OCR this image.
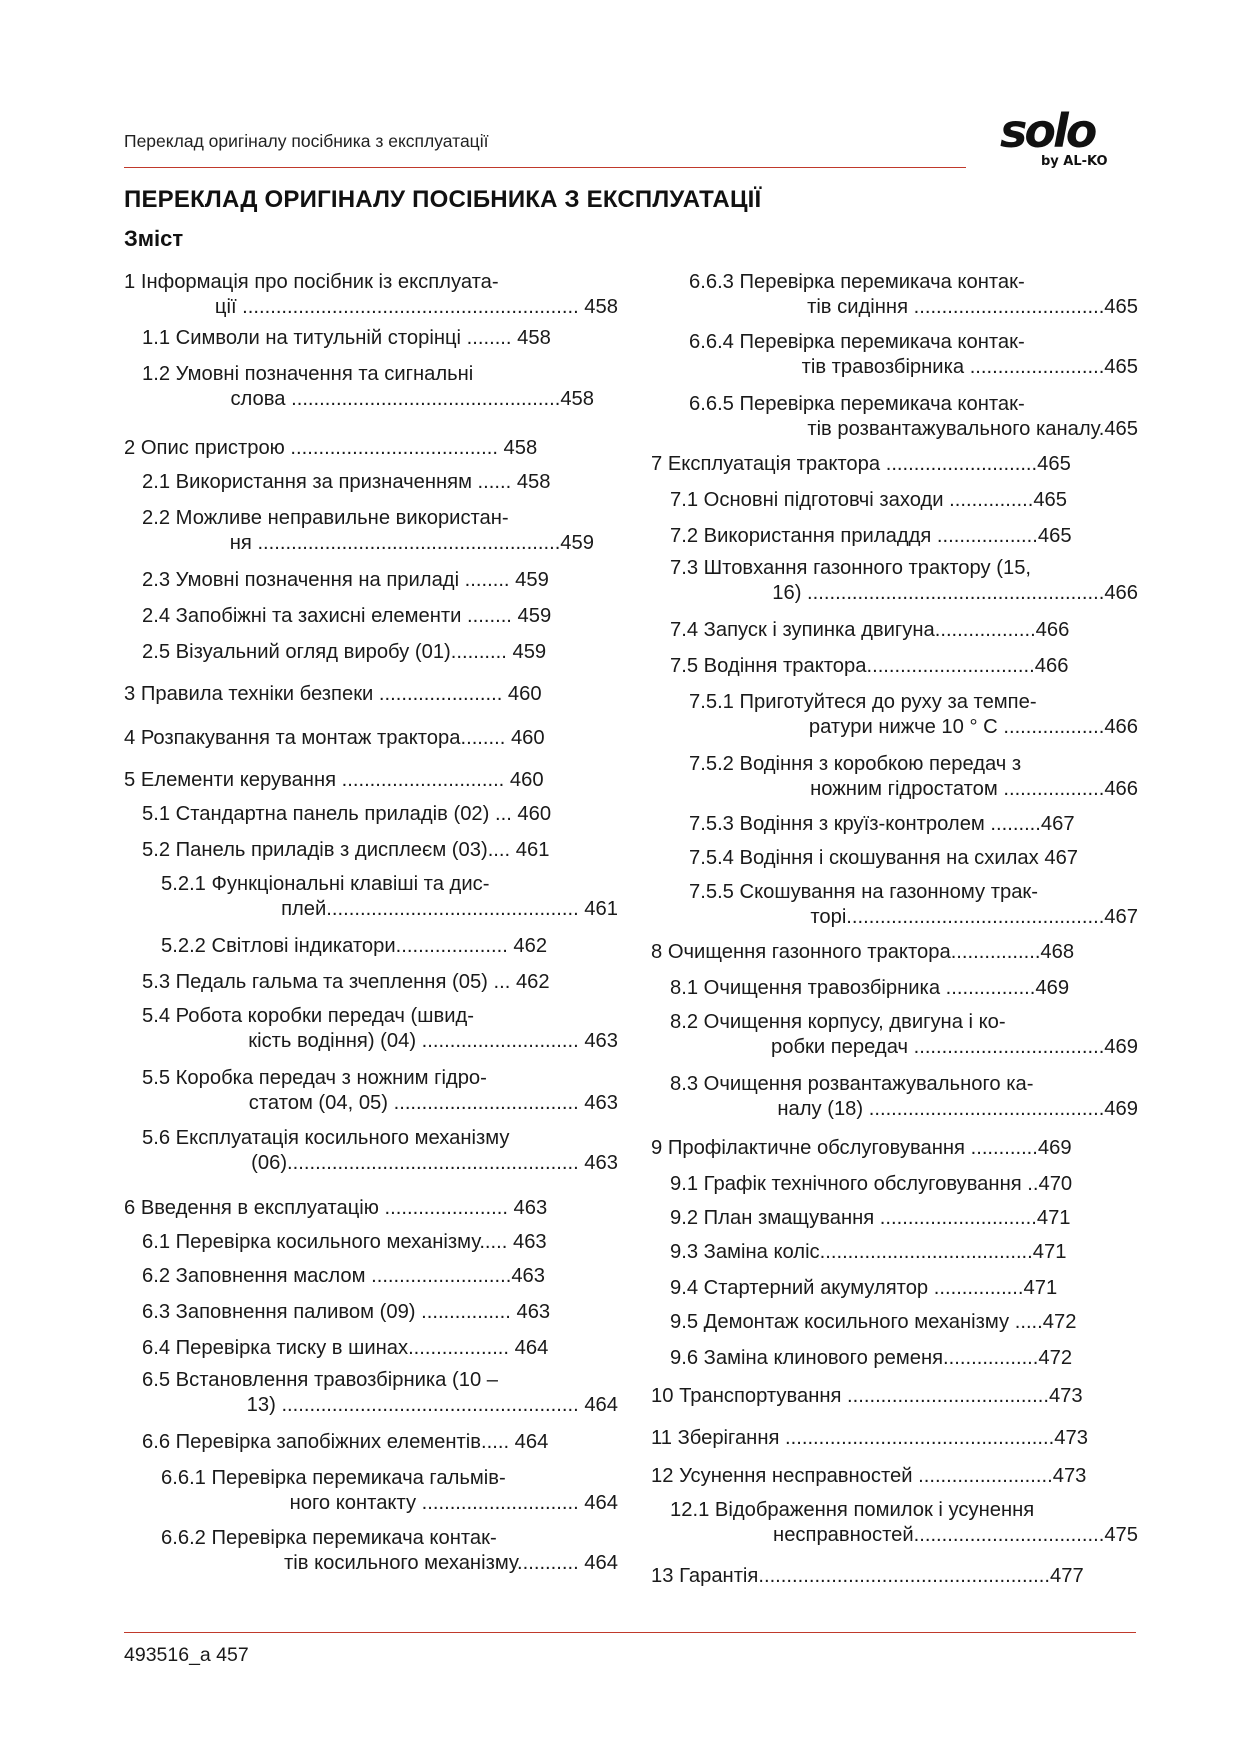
Переклад оригіналу посібника з експлуатації	solo
by AL-KO
ПЕРЕКЛАД ОРИГІНАЛУ ПОСІБНИКА З ЕКСПЛУАТАЦІЇ
Зміст
1 Інформація про посібник із експлуата-
ції ............................................................ 458
1.1 Символи на титульній сторінці ........ 458
1.2 Умовні позначення та сигнальні
слова ................................................458
2 Опис пристрою ..................................... 458
2.1 Використання за призначенням ...... 458
2.2 Можливе неправильне використан-
ня ......................................................459
2.3 Умовні позначення на приладі ........ 459
2.4 Запобіжні та захисні елементи ........ 459
2.5 Візуальний огляд виробу (01).......... 459
3 Правила техніки безпеки ...................... 460
4 Розпакування та монтаж трактора........ 460
5 Елементи керування ............................. 460
5.1 Стандартна панель приладів (02) ... 460
5.2 Панель приладів з дисплеєм (03).... 461
5.2.1 Функціональні клавіші та дис-
плей............................................. 461
5.2.2 Світлові індикатори.................... 462
5.3 Педаль гальма та зчеплення (05) ... 462
5.4 Робота коробки передач (швид-
кість водіння) (04) ............................ 463
5.5 Коробка передач з ножним гідро-
статом (04, 05) ................................. 463
5.6 Експлуатація косильного механізму
(06).................................................... 463
6 Введення в експлуатацію ...................... 463
6.1 Перевірка косильного механізму..... 463
6.2 Заповнення маслом .........................463
6.3 Заповнення паливом (09) ................ 463
6.4 Перевірка тиску в шинах.................. 464
6.5 Встановлення травозбірника (10 –
13) ..................................................... 464
6.6 Перевірка запобіжних елементів..... 464
6.6.1 Перевірка перемикача гальмів-
ного контакту ............................ 464
6.6.2 Перевірка перемикача контак-
тів косильного механізму........... 464
6.6.3 Перевірка перемикача контак-
тів сидіння ..................................465
6.6.4 Перевірка перемикача контак-
тів травозбірника ........................465
6.6.5 Перевірка перемикача контак-
тів розвантажувального каналу.465
7 Експлуатація трактора ...........................465
7.1 Основні підготовчі заходи ...............465
7.2 Використання приладдя ..................465
7.3 Штовхання газонного трактору (15,
16) .....................................................466
7.4 Запуск і зупинка двигуна..................466
7.5 Водіння трактора..............................466
7.5.1 Приготуйтеся до руху за темпе-
ратури нижче 10 ° C ..................466
7.5.2 Водіння з коробкою передач з
ножним гідростатом ..................466
7.5.3 Водіння з круїз-контролем .........467
7.5.4 Водіння і скошування на схилах 467
7.5.5 Скошування на газонному трак-
торі..............................................467
8 Очищення газонного трактора................468
8.1 Очищення травозбірника ................469
8.2 Очищення корпусу, двигуна і ко-
робки передач ..................................469
8.3 Очищення розвантажувального ка-
налу (18) ..........................................469
9 Профілактичне обслуговування ............469
9.1 Графік технічного обслуговування ..470
9.2 План змащування ............................471
9.3 Заміна коліс......................................471
9.4 Стартерний акумулятор ................471
9.5 Демонтаж косильного механізму .....472
9.6 Заміна клинового ременя.................472
10 Транспортування ....................................473
11 Зберігання ................................................473
12 Усунення несправностей ........................473
12.1 Відображення помилок і усунення
несправностей..................................475
13 Гарантія....................................................477
493516_a 457
